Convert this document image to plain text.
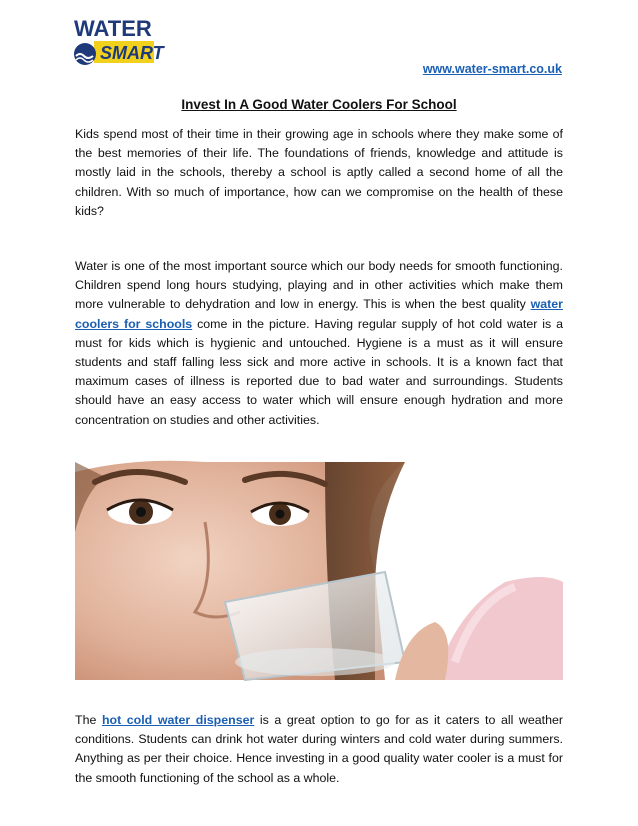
WATER
SMART
www.water-smart.co.uk
Invest In A Good Water Coolers For School

Kids spend most of their time in their growing age in schools where they make some of the best memories of their life. The foundations of friends, knowledge and attitude is mostly laid in the schools, thereby a school is aptly called a second home of all the children. With so much of importance, how can we compromise on the health of these kids?

Water is one of the most important source which our body needs for smooth functioning. Children spend long hours studying, playing and in other activities which make them more vulnerable to dehydration and low in energy. This is when the best quality water coolers for schools come in the picture. Having regular supply of hot cold water is a must for kids which is hygienic and untouched. Hygiene is a must as it will ensure students and staff falling less sick and more active in schools. It is a known fact that maximum cases of illness is reported due to bad water and surroundings. Students should have an easy access to water which will ensure enough hydration and more concentration on studies and other activities.

The hot cold water dispenser is a great option to go for as it caters to all weather conditions. Students can drink hot water during winters and cold water during summers. Anything as per their choice. Hence investing in a good quality water cooler is a must for the smooth functioning of the school as a whole.
